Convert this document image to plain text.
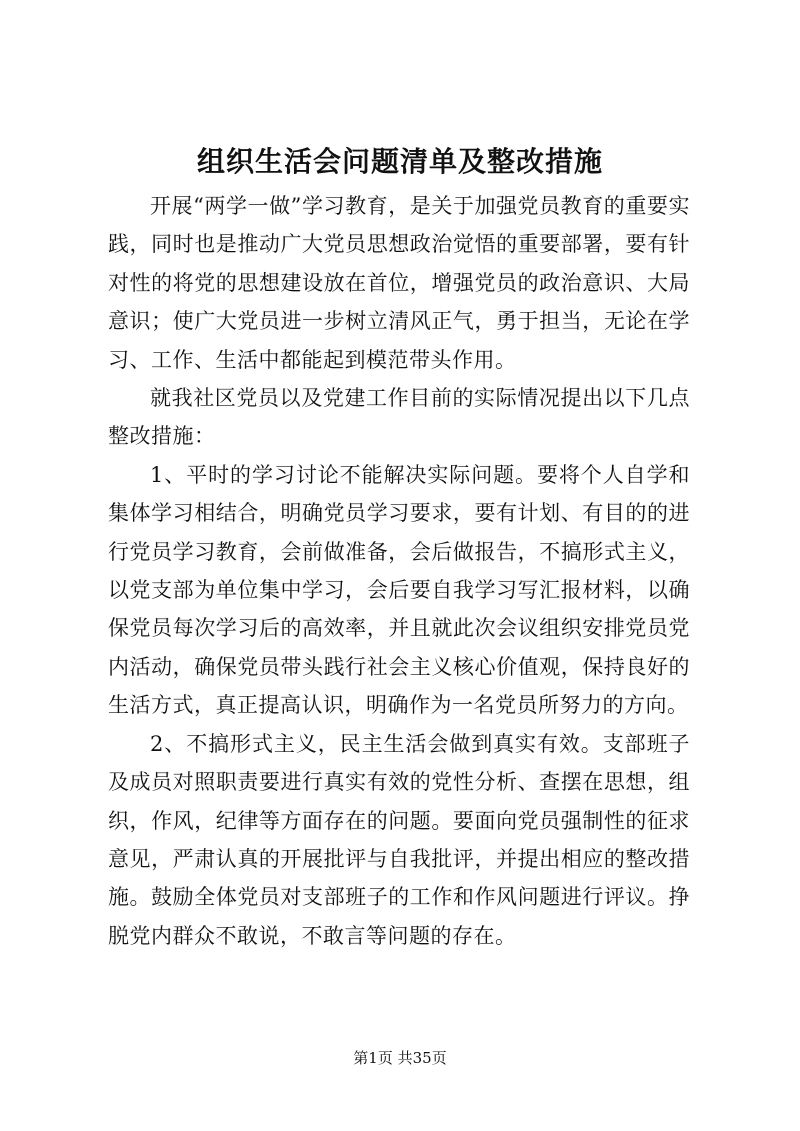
组织生活会问题清单及整改措施

开展“两学一做”学习教育，是关于加强党员教育的重要实践，同时也是推动广大党员思想政治觉悟的重要部署，要有针对性的将党的思想建设放在首位，增强党员的政治意识、大局意识；使广大党员进一步树立清风正气，勇于担当，无论在学习、工作、生活中都能起到模范带头作用。

就我社区党员以及党建工作目前的实际情况提出以下几点整改措施：

1、平时的学习讨论不能解决实际问题。要将个人自学和集体学习相结合，明确党员学习要求，要有计划、有目的的进行党员学习教育，会前做准备，会后做报告，不搞形式主义，以党支部为单位集中学习，会后要自我学习写汇报材料，以确保党员每次学习后的高效率，并且就此次会议组织安排党员党内活动，确保党员带头践行社会主义核心价值观，保持良好的生活方式，真正提高认识，明确作为一名党员所努力的方向。

2、不搞形式主义，民主生活会做到真实有效。支部班子及成员对照职责要进行真实有效的党性分析、查摆在思想，组织，作风，纪律等方面存在的问题。要面向党员强制性的征求意见，严肃认真的开展批评与自我批评，并提出相应的整改措施。鼓励全体党员对支部班子的工作和作风问题进行评议。挣脱党内群众不敢说，不敢言等问题的存在。

第1页 共35页
